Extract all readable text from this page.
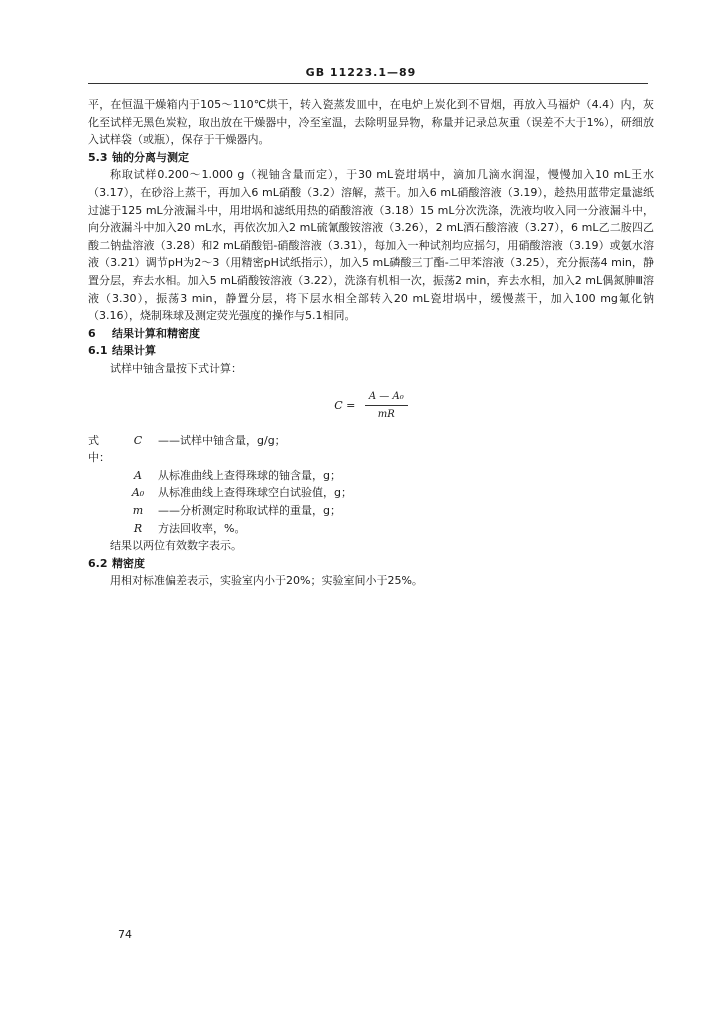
GB 11223.1—89

平，在恒温干燥箱内于105～110℃烘干，转入瓷蒸发皿中，在电炉上炭化到不冒烟，再放入马福炉（4.4）内，灰化至试样无黑色炭粒，取出放在干燥器中，冷至室温，去除明显异物，称量并记录总灰重（误差不大于1%），研细放入试样袋（或瓶），保存于干燥器内。

5.3 铀的分离与测定

称取试样0.200～1.000 g（视铀含量而定），于30 mL瓷坩埚中，滴加几滴水润湿，慢慢加入10 mL王水（3.17），在砂浴上蒸干，再加入6 mL硝酸（3.2）溶解，蒸干。加入6 mL硝酸溶液（3.19），趁热用蓝带定量滤纸过滤于125 mL分液漏斗中，用坩埚和滤纸用热的硝酸溶液（3.18）15 mL分次洗涤，洗液均收入同一分液漏斗中，向分液漏斗中加入20 mL水，再依次加入2 mL硫氰酸铵溶液（3.26），2 mL酒石酸溶液（3.27），6 mL乙二胺四乙酸二钠盐溶液（3.28）和2 mL硝酸铝-硝酸溶液（3.31），每加入一种试剂均应摇匀，用硝酸溶液（3.19）或氨水溶液（3.21）调节pH为2～3（用精密pH试纸指示），加入5 mL磷酸三丁酯-二甲苯溶液（3.25），充分振荡4 min，静置分层，弃去水相。加入5 mL硝酸铵溶液（3.22），洗涤有机相一次，振荡2 min，弃去水相，加入2 mL偶氮胂Ⅲ溶液（3.30），振荡3 min，静置分层，将下层水相全部转入20 mL瓷坩埚中，缓慢蒸干，加入100 mg氟化钠（3.16），烧制珠球及测定荧光强度的操作与5.1相同。

6 结果计算和精密度

6.1 结果计算

试样中铀含量按下式计算：

$C = \frac{\text{A — A₀}}{mR}$
式中：
C	——试样中铀含量，g/g；
A	从标准曲线上查得珠球的铀含量，g；
A₀	从标准曲线上查得珠球空白试验值，g；
m	——分析测定时称取试样的重量，g；
R	方法回收率，%。

结果以两位有效数字表示。

6.2 精密度

用相对标准偏差表示，实验室内小于20%；实验室间小于25%。

74
